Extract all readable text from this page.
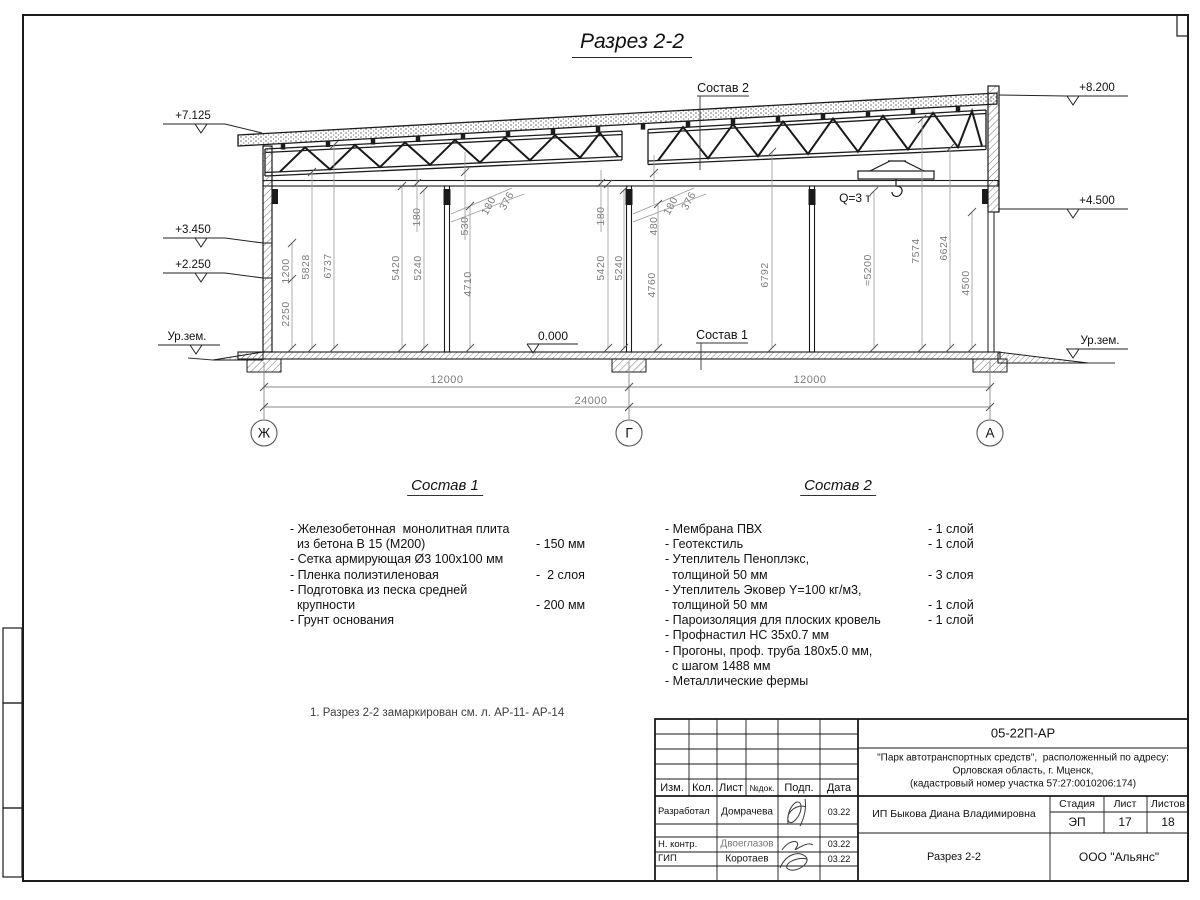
Разрез 2-2
Состав 2
Состав 1
Q=3 т
0.000
+7.125
+3.450
+2.250
Ур.зем.
+8.200
+4.500
Ур.зем.
1200
2250
5828 6737	5420 5240
180	530
180
376
4710
5420 5240
180
480
180
376
4760	6792	≈5200
7574 6624
4500
12000	12000
24000
Ж	Г	А
Состав 1
- Железобетонная  монолитная плита
из бетона В 15 (М200)	- 150 мм
- Сетка армирующая Ø3 100х100 мм
- Пленка полиэтиленовая	-  2 слоя
- Подготовка из песка средней
крупности	- 200 мм
- Грунт основания
Состав 2
- Мембрана ПВХ	- 1 слой
- Геотекстиль	- 1 слой
- Утеплитель Пеноплэкс,
толщиной 50 мм	- 3 слоя
- Утеплитель Эковер Y=100 кг/м3,
толщиной 50 мм	- 1 слой
- Пароизоляция для плоских кровель	- 1 слой
- Профнастил НС 35х0.7 мм
- Прогоны, проф. труба 180х5.0 мм,
с шагом 1488 мм
- Металлические фермы
1. Разрез 2-2 замаркирован см. л. АР-11- АР-14
05-22П-АР
"Парк автотранспортных средств",  расположенный по адресу:
Орловская область, г. Мценск,
(кадастровый номер участка 57:27:0010206:174)
Изм. Кол. Лист №док. Подп. Дата
Разработал Домрачева	03.22
Н. контр. Двоеглазов	03.22
ГИП	Коротаев	03.22
ИП Быкова Диана Владимировна
Разрез 2-2
Стадия Лист Листов
ЭП	17 18
ООО "Альянс"
